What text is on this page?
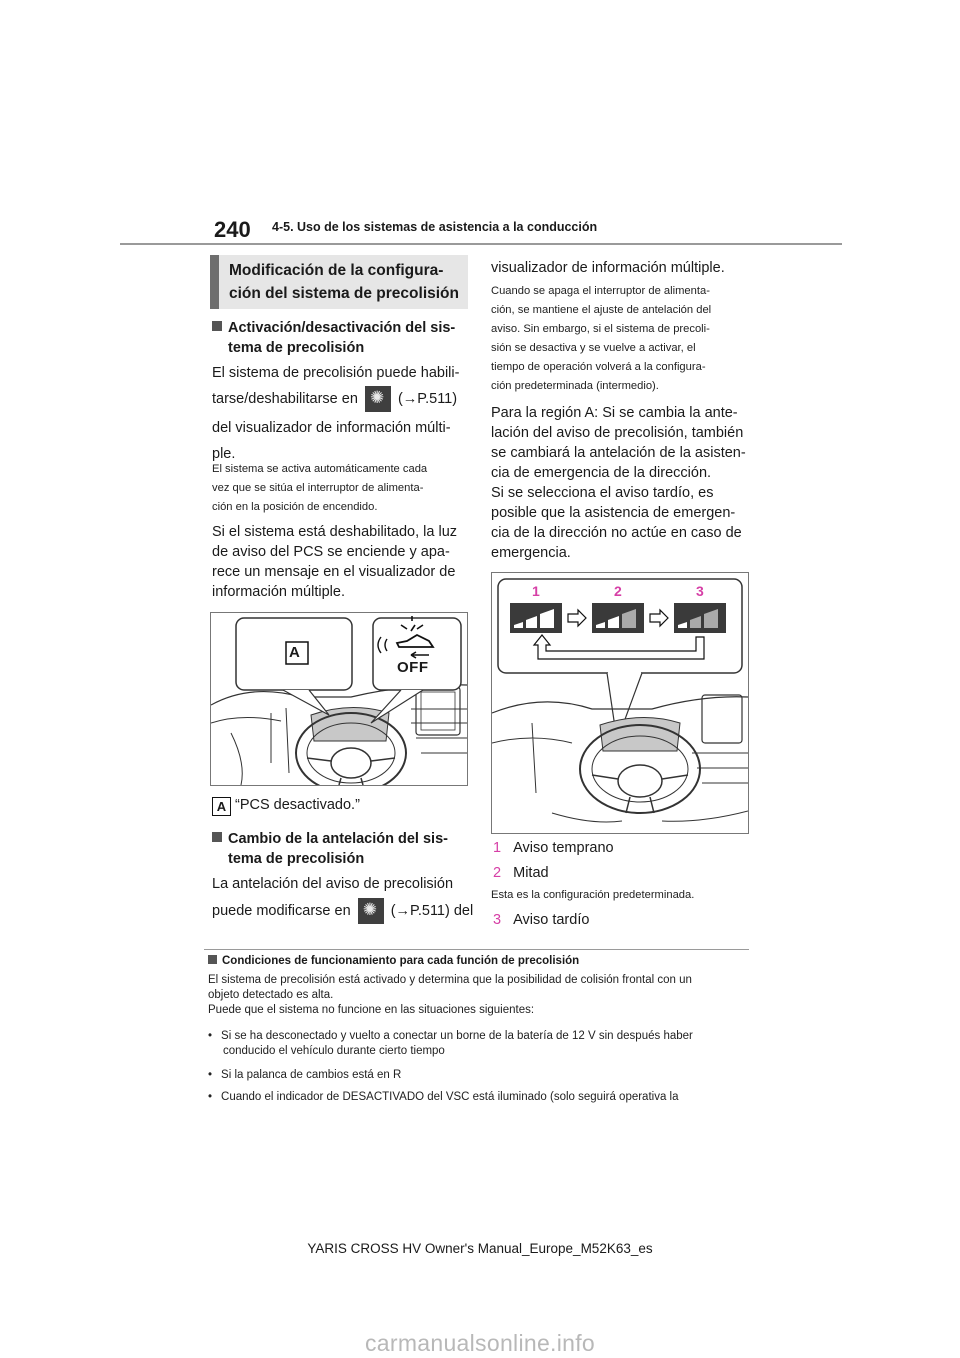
240 4-5. Uso de los sistemas de asistencia a la conducción
Modificación de la configura-
ción del sistema de precolisión
Activación/desactivación del sis-
tema de precolisión
El sistema de precolisión puede habili-
tarse/deshabilitarse en ✺	(→P.511)
del visualizador de información múlti-
ple.
El sistema se activa automáticamente cada
vez que se sitúa el interruptor de alimenta-
ción en la posición de encendido.
Si el sistema está deshabilitado, la luz
de aviso del PCS se enciende y apa-
rece un mensaje en el visualizador de
información múltiple.
A
OFF
A “PCS desactivado.”
Cambio de la antelación del sis-
tema de precolisión
La antelación del aviso de precolisión
puede modificarse en ✺	(→P.511) del
visualizador de información múltiple.
Cuando se apaga el interruptor de alimenta-
ción, se mantiene el ajuste de antelación del
aviso. Sin embargo, si el sistema de precoli-
sión se desactiva y se vuelve a activar, el
tiempo de operación volverá a la configura-
ción predeterminada (intermedio).
Para la región A: Si se cambia la ante-
lación del aviso de precolisión, también
se cambiará la antelación de la asisten-
cia de emergencia de la dirección.
Si se selecciona el aviso tardío, es
posible que la asistencia de emergen-
cia de la dirección no actúe en caso de
emergencia.
1	2	3
1 Aviso temprano
2 Mitad
Esta es la configuración predeterminada.
3 Aviso tardío
Condiciones de funcionamiento para cada función de precolisión
El sistema de precolisión está activado y determina que la posibilidad de colisión frontal con un
objeto detectado es alta.
Puede que el sistema no funcione en las situaciones siguientes:
• Si se ha desconectado y vuelto a conectar un borne de la batería de 12 V sin después haber
conducido el vehículo durante cierto tiempo
• Si la palanca de cambios está en R
• Cuando el indicador de DESACTIVADO del VSC está iluminado (solo seguirá operativa la
YARIS CROSS HV Owner's Manual_Europe_M52K63_es
carmanualsonline.info
